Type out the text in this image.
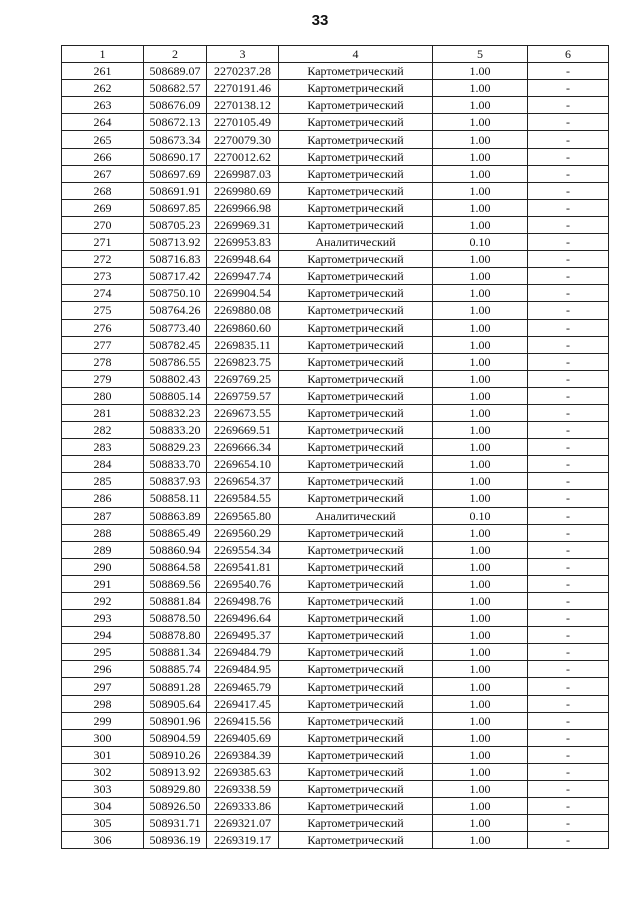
33
1	2	3	4	5	6
261	508689.07	2270237.28	Картометрический	1.00	-
262	508682.57	2270191.46	Картометрический	1.00	-
263	508676.09	2270138.12	Картометрический	1.00	-
264	508672.13	2270105.49	Картометрический	1.00	-
265	508673.34	2270079.30	Картометрический	1.00	-
266	508690.17	2270012.62	Картометрический	1.00	-
267	508697.69	2269987.03	Картометрический	1.00	-
268	508691.91	2269980.69	Картометрический	1.00	-
269	508697.85	2269966.98	Картометрический	1.00	-
270	508705.23	2269969.31	Картометрический	1.00	-
271	508713.92	2269953.83	Аналитический	0.10	-
272	508716.83	2269948.64	Картометрический	1.00	-
273	508717.42	2269947.74	Картометрический	1.00	-
274	508750.10	2269904.54	Картометрический	1.00	-
275	508764.26	2269880.08	Картометрический	1.00	-
276	508773.40	2269860.60	Картометрический	1.00	-
277	508782.45	2269835.11	Картометрический	1.00	-
278	508786.55	2269823.75	Картометрический	1.00	-
279	508802.43	2269769.25	Картометрический	1.00	-
280	508805.14	2269759.57	Картометрический	1.00	-
281	508832.23	2269673.55	Картометрический	1.00	-
282	508833.20	2269669.51	Картометрический	1.00	-
283	508829.23	2269666.34	Картометрический	1.00	-
284	508833.70	2269654.10	Картометрический	1.00	-
285	508837.93	2269654.37	Картометрический	1.00	-
286	508858.11	2269584.55	Картометрический	1.00	-
287	508863.89	2269565.80	Аналитический	0.10	-
288	508865.49	2269560.29	Картометрический	1.00	-
289	508860.94	2269554.34	Картометрический	1.00	-
290	508864.58	2269541.81	Картометрический	1.00	-
291	508869.56	2269540.76	Картометрический	1.00	-
292	508881.84	2269498.76	Картометрический	1.00	-
293	508878.50	2269496.64	Картометрический	1.00	-
294	508878.80	2269495.37	Картометрический	1.00	-
295	508881.34	2269484.79	Картометрический	1.00	-
296	508885.74	2269484.95	Картометрический	1.00	-
297	508891.28	2269465.79	Картометрический	1.00	-
298	508905.64	2269417.45	Картометрический	1.00	-
299	508901.96	2269415.56	Картометрический	1.00	-
300	508904.59	2269405.69	Картометрический	1.00	-
301	508910.26	2269384.39	Картометрический	1.00	-
302	508913.92	2269385.63	Картометрический	1.00	-
303	508929.80	2269338.59	Картометрический	1.00	-
304	508926.50	2269333.86	Картометрический	1.00	-
305	508931.71	2269321.07	Картометрический	1.00	-
306	508936.19	2269319.17	Картометрический	1.00	-
